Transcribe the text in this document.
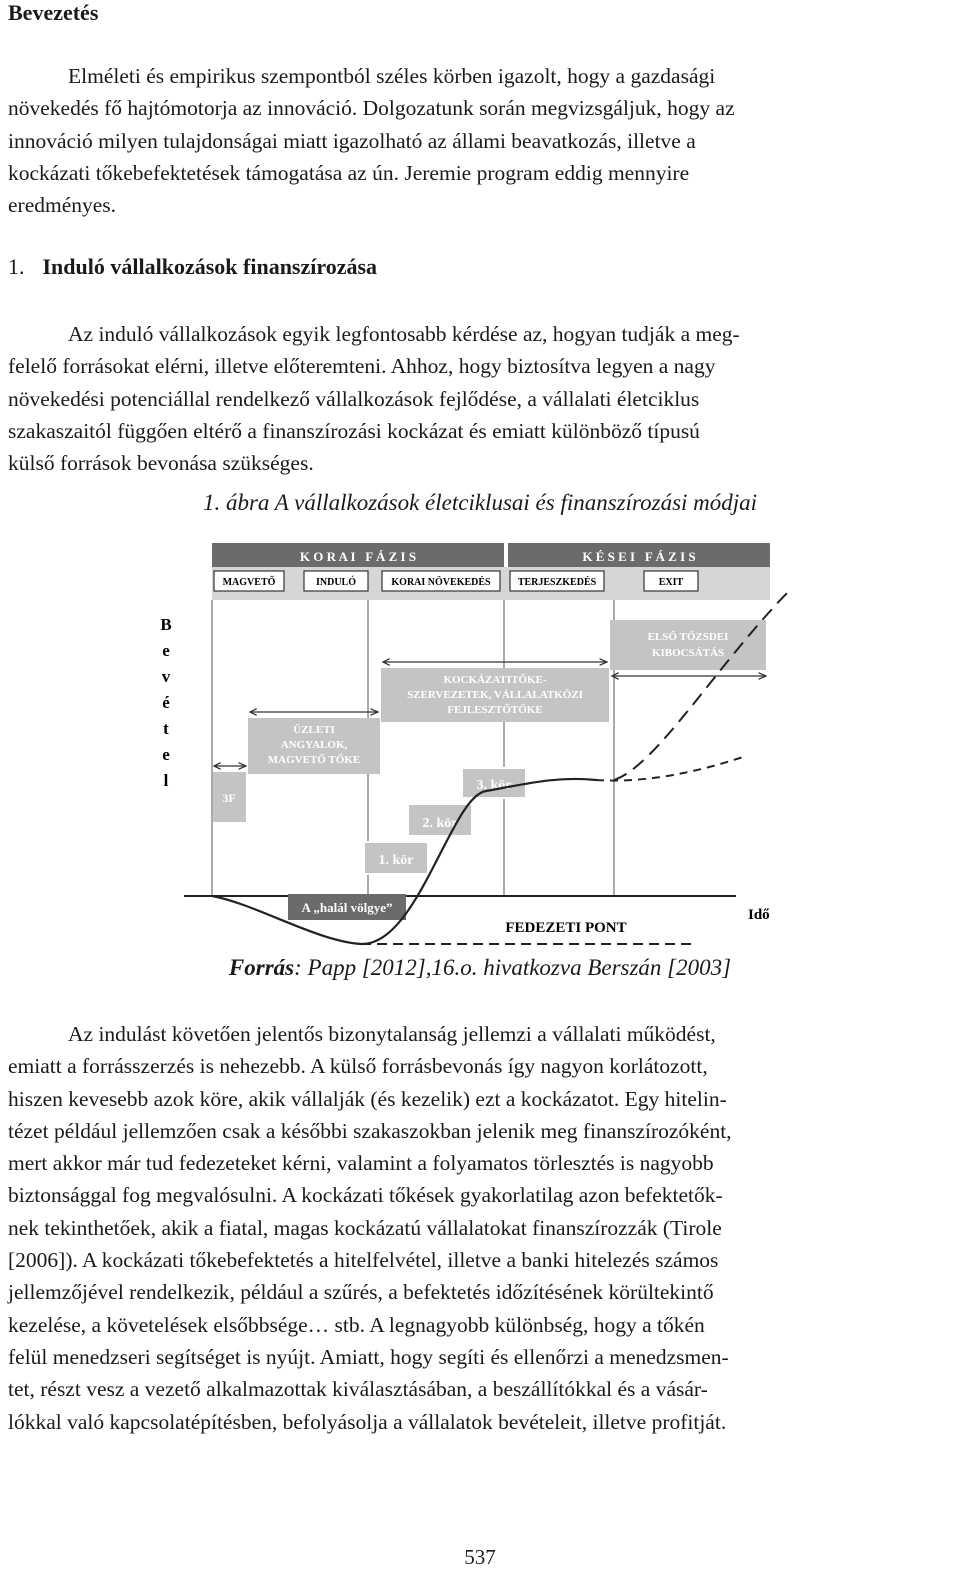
Bevezetés

Elméleti és empirikus szempontból széles körben igazolt, hogy a gazdasági

növekedés fő hajtómotorja az innováció. Dolgozatunk során megvizsgáljuk, hogy az

innováció milyen tulajdonságai miatt igazolható az állami beavatkozás, illetve a

kockázati tőkebefektetések támogatása az ún. Jeremie program eddig mennyire

eredményes.

1. Induló vállalkozások finanszírozása

Az induló vállalkozások egyik legfontosabb kérdése az, hogyan tudják a meg-

felelő forrásokat elérni, illetve előteremteni. Ahhoz, hogy biztosítva legyen a nagy

növekedési potenciállal rendelkező vállalkozások fejlődése, a vállalati életciklus

szakaszaitól függően eltérő a finanszírozási kockázat és emiatt különböző típusú

külső források bevonása szükséges.

1. ábra A vállalkozások életciklusai és finanszírozási módjai
K O R A I   F Á Z I S	K É S E I   F Á Z I S
MAGVETŐ	INDULÓ	KORAI NÖVEKEDÉS	TERJESZKEDÉS	EXIT
B
e
v
é
t
e
l
3F
ÜZLETI
ANGYALOK,
MAGVETŐ TŐKE
KOCKÁZATITŐKE-
SZERVEZETEK, VÁLLALATKÖZI
FEJLESZTŐTŐKE
ELSŐ TŐZSDEI
KIBOCSÁTÁS
1. kör
2. kör
3. kör
Idő
A „halál völgye”
FEDEZETI PONT
Forrás: Papp [2012],16.o. hivatkozva Berszán [2003]

Az indulást követően jelentős bizonytalanság jellemzi a vállalati működést,

emiatt a forrásszerzés is nehezebb. A külső forrásbevonás így nagyon korlátozott,

hiszen kevesebb azok köre, akik vállalják (és kezelik) ezt a kockázatot. Egy hitelin-

tézet például jellemzően csak a későbbi szakaszokban jelenik meg finanszírozóként,

mert akkor már tud fedezeteket kérni, valamint a folyamatos törlesztés is nagyobb

biztonsággal fog megvalósulni. A kockázati tőkések gyakorlatilag azon befektetők-

nek tekinthetőek, akik a fiatal, magas kockázatú vállalatokat finanszírozzák (Tirole

[2006]). A kockázati tőkebefektetés a hitelfelvétel, illetve a banki hitelezés számos

jellemzőjével rendelkezik, például a szűrés, a befektetés időzítésének körültekintő

kezelése, a követelések elsőbbsége… stb. A legnagyobb különbség, hogy a tőkén

felül menedzseri segítséget is nyújt. Amiatt, hogy segíti és ellenőrzi a menedzsmen-

tet, részt vesz a vezető alkalmazottak kiválasztásában, a beszállítókkal és a vásár-

lókkal való kapcsolatépítésben, befolyásolja a vállalatok bevételeit, illetve profitját.

537
